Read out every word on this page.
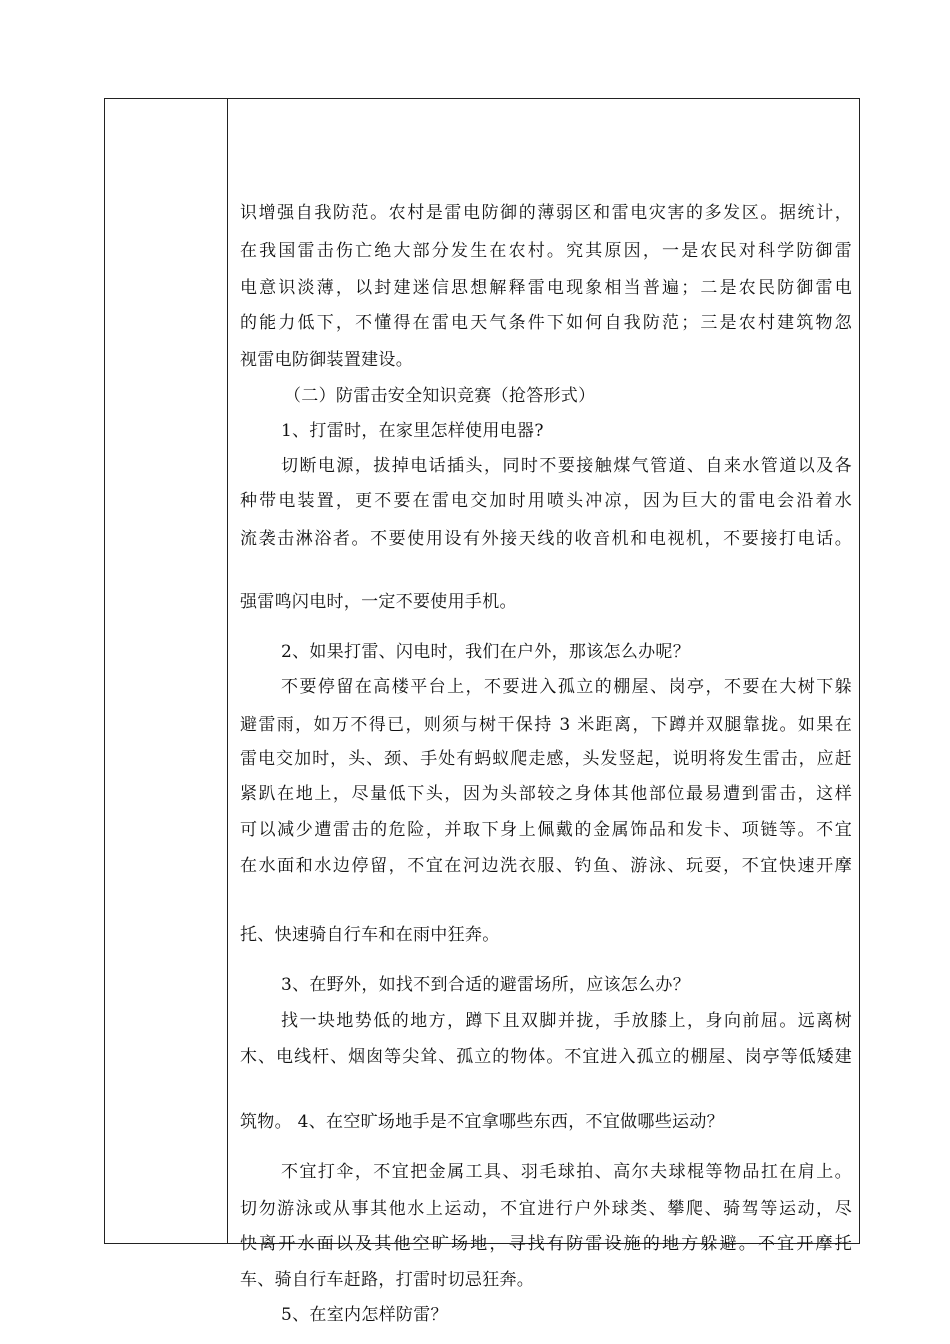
识增强自我防范。农村是雷电防御的薄弱区和雷电灾害的多发区。据统计，
在我国雷击伤亡绝大部分发生在农村。究其原因，一是农民对科学防御雷
电意识淡薄，以封建迷信思想解释雷电现象相当普遍；二是农民防御雷电
的能力低下，不懂得在雷电天气条件下如何自我防范；三是农村建筑物忽
视雷电防御装置建设。
（二）防雷击安全知识竞赛（抢答形式）
1、打雷时，在家里怎样使用电器?
切断电源，拔掉电话插头，同时不要接触煤气管道、自来水管道以及各
种带电装置，更不要在雷电交加时用喷头冲凉，因为巨大的雷电会沿着水
流袭击淋浴者。不要使用设有外接天线的收音机和电视机，不要接打电话。
强雷鸣闪电时，一定不要使用手机。
2、如果打雷、闪电时，我们在户外，那该怎么办呢？
不要停留在高楼平台上，不要进入孤立的棚屋、岗亭，不要在大树下躲
避雷雨，如万不得已，则须与树干保持 3 米距离，下蹲并双腿靠拢。如果在
雷电交加时，头、颈、手处有蚂蚁爬走感，头发竖起，说明将发生雷击，应赶
紧趴在地上，尽量低下头，因为头部较之身体其他部位最易遭到雷击，这样
可以减少遭雷击的危险，并取下身上佩戴的金属饰品和发卡、项链等。不宜
在水面和水边停留，不宜在河边洗衣服、钓鱼、游泳、玩耍，不宜快速开摩
托、快速骑自行车和在雨中狂奔。
3、在野外，如找不到合适的避雷场所，应该怎么办？
找一块地势低的地方，蹲下且双脚并拢，手放膝上，身向前屈。远离树
木、电线杆、烟囱等尖耸、孤立的物体。不宜进入孤立的棚屋、岗亭等低矮建
筑物。 4、在空旷场地手是不宜拿哪些东西，不宜做哪些运动？
不宜打伞，不宜把金属工具、羽毛球拍、高尔夫球棍等物品扛在肩上。
切勿游泳或从事其他水上运动，不宜进行户外球类、攀爬、骑驾等运动，尽
快离开水面以及其他空旷场地，寻找有防雷设施的地方躲避。不宜开摩托
车、骑自行车赶路，打雷时切忌狂奔。
5、在室内怎样防雷？
